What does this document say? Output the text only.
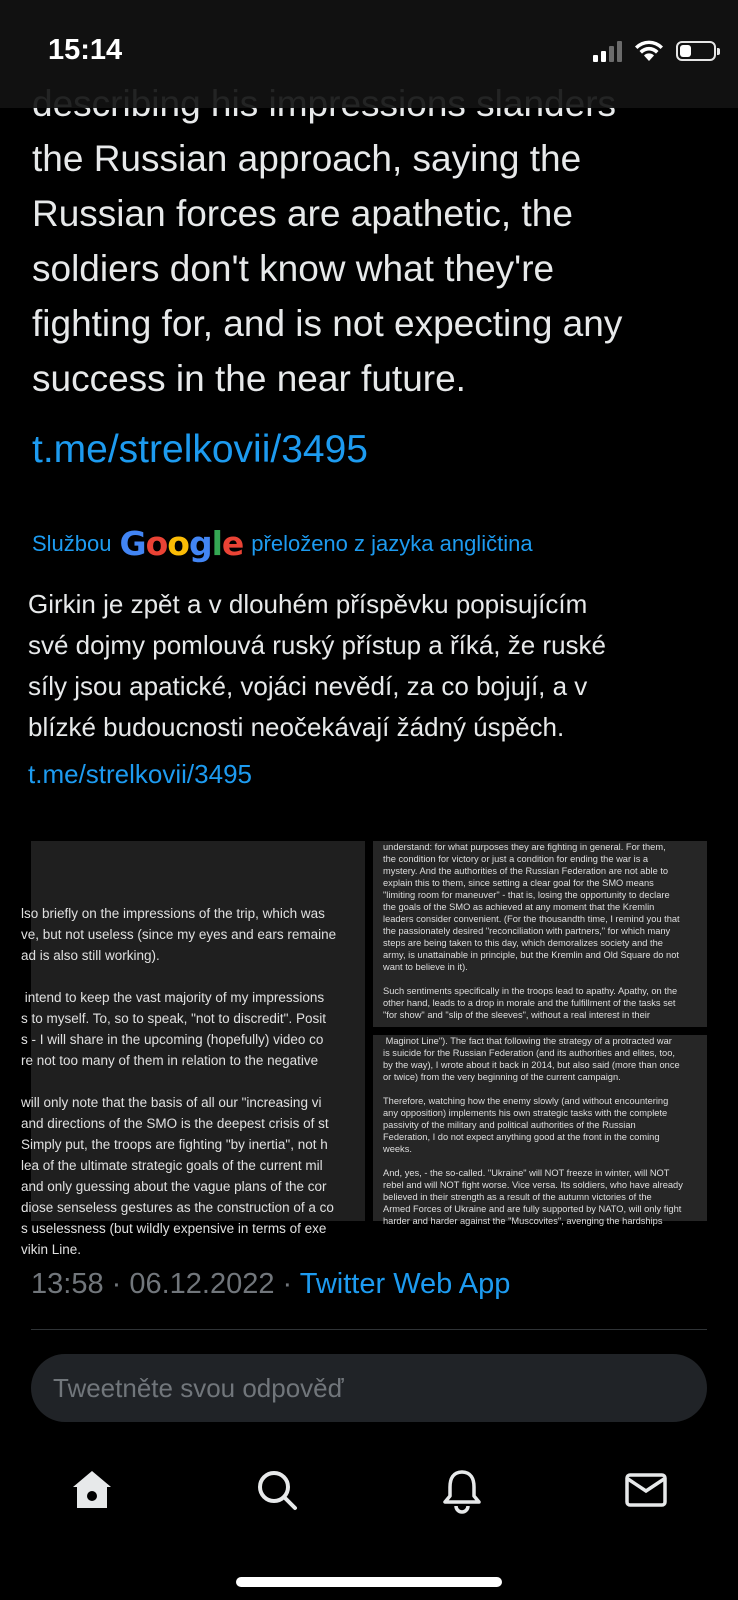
15:14
the Russian approach, saying the
Russian forces are apathetic, the
soldiers don't know what they're
fighting for, and is not expecting any
success in the near future.
t.me/strelkovii/3495
Službou Google přeloženo z jazyka angličtina
Girkin je zpět a v dlouhém příspěvku popisujícím
své dojmy pomlouvá ruský přístup a říká, že ruské
síly jsou apatické, vojáci nevědí, za co bojují, a v
blízké budoucnosti neočekávají žádný úspěch.
t.me/strelkovii/3495
lso briefly on the impressions of the trip, which was
ve, but not useless (since my eyes and ears remaine
ad is also still working).

intend to keep the vast majority of my impressions
s to myself. To, so to speak, "not to discredit". Posit
s - I will share in the upcoming (hopefully) video co
re not too many of them in relation to the negative

will only note that the basis of all our "increasing vi
and directions of the SMO is the deepest crisis of st
Simply put, the troops are fighting "by inertia", not h
lea of the ultimate strategic goals of the current mil
and only guessing about the vague plans of the cor
diose senseless gestures as the construction of a co
s uselessness (but wildly expensive in terms of exe
vikin Line.
understand: for what purposes they are fighting in general. For them,
the condition for victory or just a condition for ending the war is a
mystery. And the authorities of the Russian Federation are not able to
explain this to them, since setting a clear goal for the SMO means
"limiting room for maneuver" - that is, losing the opportunity to declare
the goals of the SMO as achieved at any moment that the Kremlin
leaders consider convenient. (For the thousandth time, I remind you that
the passionately desired "reconciliation with partners," for which many
steps are being taken to this day, which demoralizes society and the
army, is unattainable in principle, but the Kremlin and Old Square do not
want to believe in it).

Such sentiments specifically in the troops lead to apathy. Apathy, on the
other hand, leads to a drop in morale and the fulfillment of the tasks set
"for show" and "slip of the sleeves", without a real interest in their
Maginot Line"). The fact that following the strategy of a protracted war
is suicide for the Russian Federation (and its authorities and elites, too,
by the way), I wrote about it back in 2014, but also said (more than once
or twice) from the very beginning of the current campaign.

Therefore, watching how the enemy slowly (and without encountering
any opposition) implements his own strategic tasks with the complete
passivity of the military and political authorities of the Russian
Federation, I do not expect anything good at the front in the coming
weeks.

And, yes, - the so-called. "Ukraine" will NOT freeze in winter, will NOT
rebel and will NOT fight worse. Vice versa. Its soldiers, who have already
believed in their strength as a result of the autumn victories of the
Armed Forces of Ukraine and are fully supported by NATO, will only fight
harder and harder against the "Muscovites", avenging the hardships
13:58 · 06.12.2022 · Twitter Web App
Tweetněte svou odpověď
